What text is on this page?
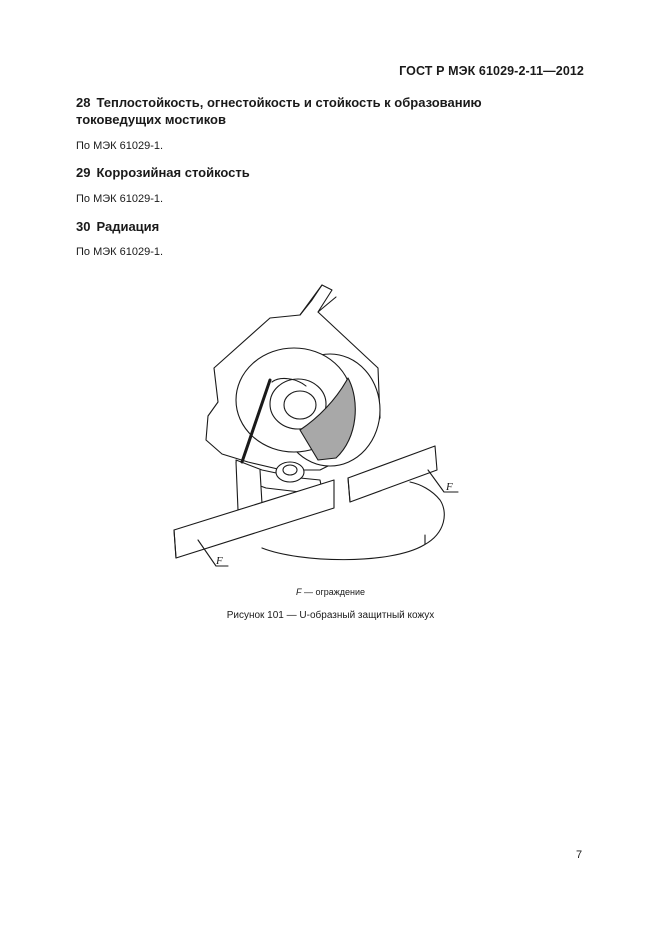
ГОСТ Р МЭК 61029-2-11—2012
28 Теплостойкость, огнестойкость и стойкость к образованию токоведущих мостиков
По МЭК 61029-1.
29 Коррозийная стойкость
По МЭК 61029-1.
30 Радиация
По МЭК 61029-1.
F
F
F — ограждение
Рисунок 101 — U-образный защитный кожух
7
